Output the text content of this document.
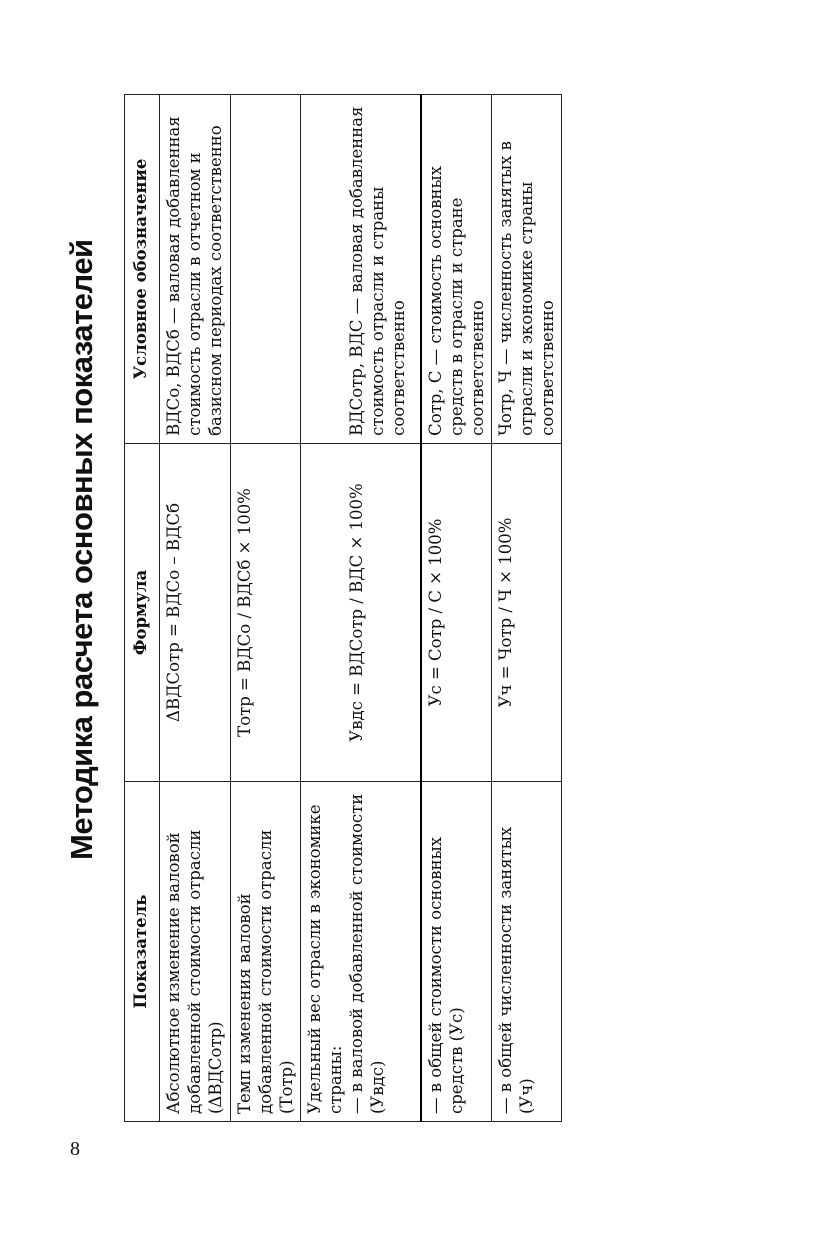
8
Методика расчета основных показателей
Показатель	Формула	Условное обозначение
Абсолютное изменение валовой добавленной стоимости отрасли (ΔВДСотр)	ΔВДСотр = ВДСо – ВДСб	ВДСо, ВДСб — валовая добавленная стоимость отрасли в отчетном и базисном периодах соответственно
Темп изменения валовой добавленной стоимости отрасли (Тотр)	Тотр = ВДСо / ВДСб × 100%	
Удельный вес отрасли в экономике страны: — в валовой добавленной стоимости (Увдс)	Увдс = ВДСотр / ВДС × 100%	ВДСотр, ВДС — валовая добавленная стоимость отрасли и страны соответственно

— в общей стоимости основных средств (Ус)	Ус = Сотр / С × 100%	Сотр, С — стоимость основных средств в отрасли и стране соответственно
— в общей численности занятых (Уч)	Уч = Чотр / Ч × 100%	Чотр, Ч — численность занятых в отрасли и экономике страны соответственно
